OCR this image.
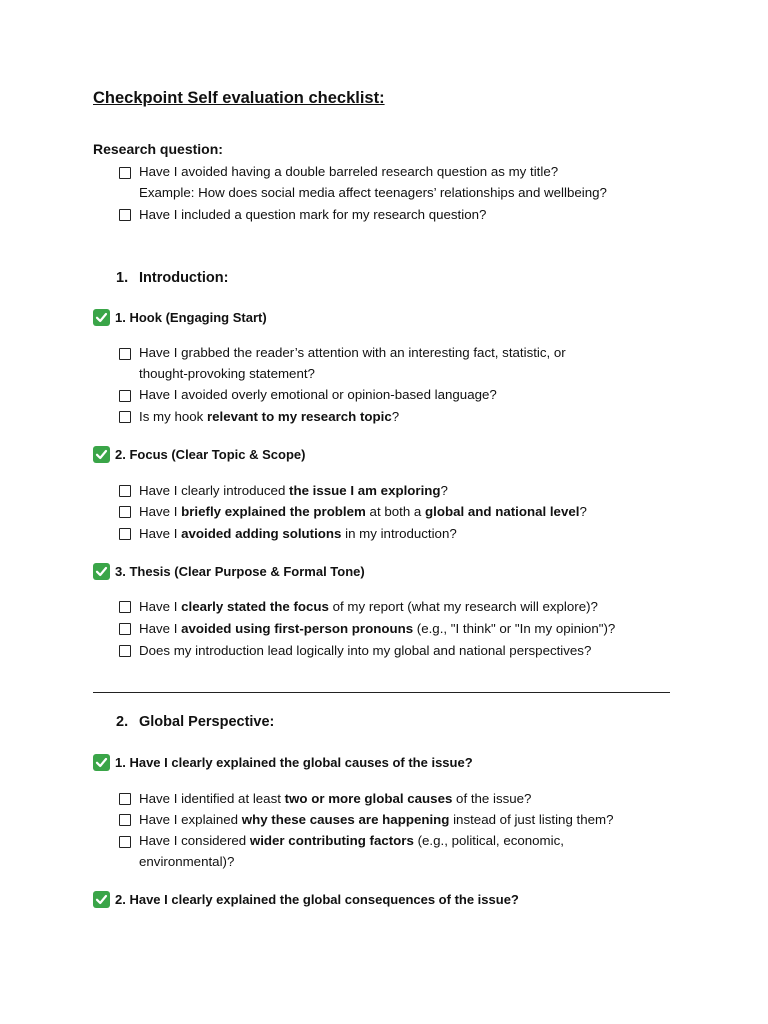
Checkpoint Self evaluation checklist:
Research question:
Have I avoided having a double barreled research question as my title?
Example: How does social media affect teenagers’ relationships and wellbeing?
Have I included a question mark for my research question?
1. Introduction:
1. Hook (Engaging Start)
Have I grabbed the reader’s attention with an interesting fact, statistic, or
thought-provoking statement?
Have I avoided overly emotional or opinion-based language?
Is my hook relevant to my research topic?
2. Focus (Clear Topic & Scope)
Have I clearly introduced the issue I am exploring?
Have I briefly explained the problem at both a global and national level?
Have I avoided adding solutions in my introduction?
3. Thesis (Clear Purpose & Formal Tone)
Have I clearly stated the focus of my report (what my research will explore)?
Have I avoided using first-person pronouns (e.g., "I think" or "In my opinion")?
Does my introduction lead logically into my global and national perspectives?
2. Global Perspective:
1. Have I clearly explained the global causes of the issue?
Have I identified at least two or more global causes of the issue?
Have I explained why these causes are happening instead of just listing them?
Have I considered wider contributing factors (e.g., political, economic,
environmental)?
2. Have I clearly explained the global consequences of the issue?
